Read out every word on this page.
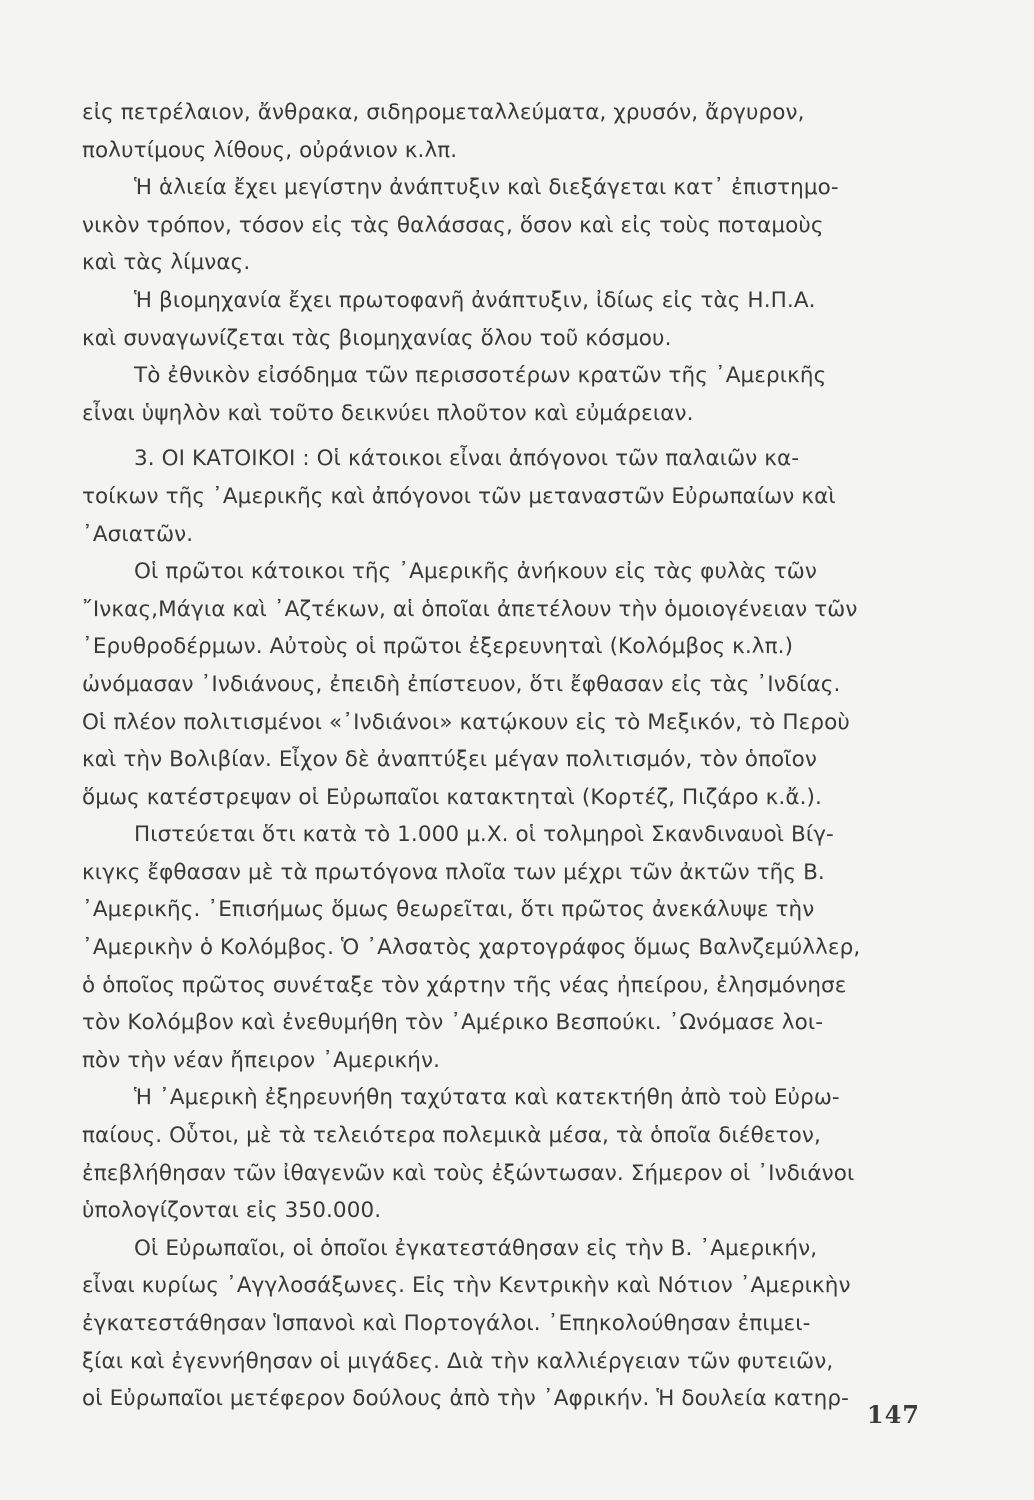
εἰς πετρέλαιον, ἄνθρακα, σιδηρομεταλλεύματα, χρυσόν, ἄργυρον,
πολυτίμους λίθους, οὐράνιον κ.λπ.
Ἡ ἁλιεία ἔχει μεγίστην ἀνάπτυξιν καὶ διεξάγεται κατ᾽ ἐπιστημο-
νικὸν τρόπον, τόσον εἰς τὰς θαλάσσας, ὅσον καὶ εἰς τοὺς ποταμοὺς
καὶ τὰς λίμνας.
Ἡ βιομηχανία ἔχει πρωτοφανῆ ἀνάπτυξιν, ἰδίως εἰς τὰς Η.Π.Α.
καὶ συναγωνίζεται τὰς βιομηχανίας ὅλου τοῦ κόσμου.
Τὸ ἐθνικὸν εἰσόδημα τῶν περισσοτέρων κρατῶν τῆς ᾽Αμερικῆς
εἶναι ὑψηλὸν καὶ τοῦτο δεικνύει πλοῦτον καὶ εὐμάρειαν.
3. ΟΙ ΚΑΤΟΙΚΟΙ : Οἱ κάτοικοι εἶναι ἀπόγονοι τῶν παλαιῶν κα-
τοίκων τῆς ᾽Αμερικῆς καὶ ἀπόγονοι τῶν μεταναστῶν Εὐρωπαίων καὶ
᾽Ασιατῶν.
Οἱ πρῶτοι κάτοικοι τῆς ᾽Αμερικῆς ἀνήκουν εἰς τὰς φυλὰς τῶν
῎Ινκας,Μάγια καὶ ᾽Αζτέκων, αἱ ὁποῖαι ἀπετέλουν τὴν ὁμοιογένειαν τῶν
᾽Ερυθροδέρμων. Αὐτοὺς οἱ πρῶτοι ἐξερευνηταὶ (Κολόμβος κ.λπ.)
ὠνόμασαν ᾽Ινδιάνους, ἐπειδὴ ἐπίστευον, ὅτι ἔφθασαν εἰς τὰς ᾽Ινδίας.
Οἱ πλέον πολιτισμένοι «᾽Ινδιάνοι» κατῴκουν εἰς τὸ Μεξικόν, τὸ Περοὺ
καὶ τὴν Βολιβίαν. Εἶχον δὲ ἀναπτύξει μέγαν πολιτισμόν, τὸν ὁποῖον
ὅμως κατέστρεψαν οἱ Εὐρωπαῖοι κατακτηταὶ (Κορτέζ, Πιζάρο κ.ἄ.).
Πιστεύεται ὅτι κατὰ τὸ 1.000 μ.Χ. οἱ τολμηροὶ Σκανδιναυοὶ Βίγ-
κιγκς ἔφθασαν μὲ τὰ πρωτόγονα πλοῖα των μέχρι τῶν ἀκτῶν τῆς Β.
᾽Αμερικῆς. ᾽Επισήμως ὅμως θεωρεῖται, ὅτι πρῶτος ἀνεκάλυψε τὴν
᾽Αμερικὴν ὁ Κολόμβος. Ὁ ᾽Αλσατὸς χαρτογράφος ὅμως Βαλνζεμύλλερ,
ὁ ὁποῖος πρῶτος συνέταξε τὸν χάρτην τῆς νέας ἠπείρου, ἐλησμόνησε
τὸν Κολόμβον καὶ ἐνεθυμήθη τὸν ᾽Αμέρικο Βεσπούκι. ᾽Ωνόμασε λοι-
πὸν τὴν νέαν ἤπειρον ᾽Αμερικήν.
Ἡ ᾽Αμερικὴ ἐξηρευνήθη ταχύτατα καὶ κατεκτήθη ἀπὸ τοὺ Εὐρω-
παίους. Οὗτοι, μὲ τὰ τελειότερα πολεμικὰ μέσα, τὰ ὁποῖα διέθετον,
ἐπεβλήθησαν τῶν ἰθαγενῶν καὶ τοὺς ἐξώντωσαν. Σήμερον οἱ ᾽Ινδιάνοι
ὑπολογίζονται εἰς 350.000.
Οἱ Εὐρωπαῖοι, οἱ ὁποῖοι ἐγκατεστάθησαν εἰς τὴν Β. ᾽Αμερικήν,
εἶναι κυρίως ᾽Αγγλοσάξωνες. Εἰς τὴν Κεντρικὴν καὶ Νότιον ᾽Αμερικὴν
ἐγκατεστάθησαν Ἱσπανοὶ καὶ Πορτογάλοι. ᾽Επηκολούθησαν ἐπιμει-
ξίαι καὶ ἐγεννήθησαν οἱ μιγάδες. Διὰ τὴν καλλιέργειαν τῶν φυτειῶν,
οἱ Εὐρωπαῖοι μετέφερον δούλους ἀπὸ τὴν ᾽Αφρικήν. Ἡ δουλεία κατηρ-
147
